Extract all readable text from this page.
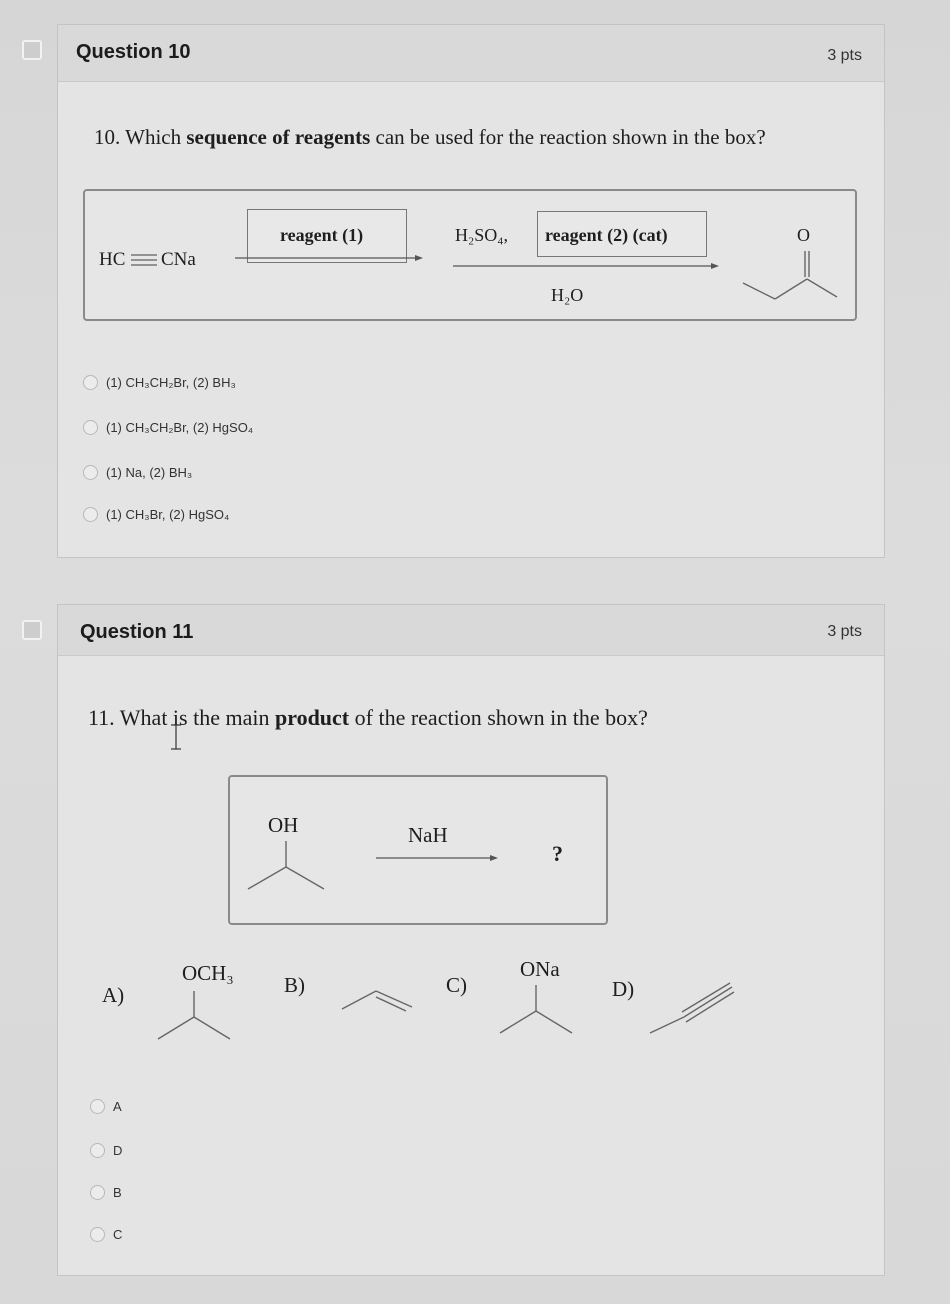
Question 10	3 pts
10. Which sequence of reagents can be used for the reaction shown in the box?
HC CNa
reagent (1)	H₂SO₄, reagent (2) (cat)
H₂O
O
(1) CH₃CH₂Br, (2) BH₃
(1) CH₃CH₂Br, (2) HgSO₄
(1) Na, (2) BH₃
(1) CH₃Br, (2) HgSO₄
Question 11	3 pts
11. What is the main product of the reaction shown in the box?
OH	NaH
?
A)
OCH₃ B)	C)
ONa
D)
A
D
B
C
